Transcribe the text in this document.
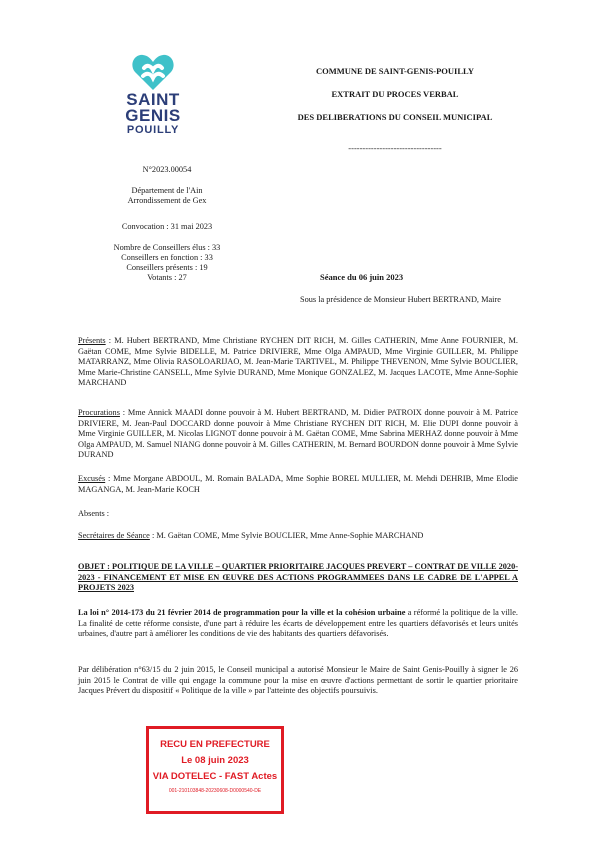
SAINT
GENIS
POUILLY
COMMUNE DE SAINT-GENIS-POUILLY
EXTRAIT DU PROCES VERBAL
DES DELIBERATIONS DU CONSEIL MUNICIPAL
---------------------------------
N°2023.00054
Département de l'Ain
Arrondissement de Gex
Convocation : 31 mai 2023
Nombre de Conseillers élus : 33
Conseillers en fonction : 33
Conseillers présents : 19
Votants : 27	Séance du 06 juin 2023
Sous la présidence de Monsieur Hubert BERTRAND, Maire
Présents : M. Hubert BERTRAND, Mme Christiane RYCHEN DIT RICH, M. Gilles CATHERIN, Mme Anne FOURNIER, M. Gaëtan COME, Mme Sylvie BIDELLE, M. Patrice DRIVIERE, Mme Olga AMPAUD, Mme Virginie GUILLER, M. Philippe MATARRANZ, Mme Olivia RASOLOARIJAO, M. Jean-Marie TARTIVEL, M. Philippe THEVENON, Mme Sylvie BOUCLIER, Mme Marie-Christine CANSELL, Mme Sylvie DURAND, Mme Monique GONZALEZ, M. Jacques LACOTE, Mme Anne-Sophie MARCHAND
Procurations : Mme Annick MAADI donne pouvoir à M. Hubert BERTRAND, M. Didier PATROIX donne pouvoir à M. Patrice DRIVIERE, M. Jean-Paul DOCCARD donne pouvoir à Mme Christiane RYCHEN DIT RICH, M. Elie DUPI donne pouvoir à Mme Virginie GUILLER, M. Nicolas LIGNOT donne pouvoir à M. Gaëtan COME, Mme Sabrina MERHAZ donne pouvoir à Mme Olga AMPAUD, M. Samuel NIANG donne pouvoir à M. Gilles CATHERIN, M. Bernard BOURDON donne pouvoir à Mme Sylvie DURAND
Excusés : Mme Morgane ABDOUL, M. Romain BALADA, Mme Sophie BOREL MULLIER, M. Mehdi DEHRIB, Mme Elodie MAGANGA, M. Jean-Marie KOCH
Absents :
Secrétaires de Séance : M. Gaëtan COME, Mme Sylvie BOUCLIER, Mme Anne-Sophie MARCHAND
OBJET : POLITIQUE DE LA VILLE – QUARTIER PRIORITAIRE JACQUES PREVERT – CONTRAT DE VILLE 2020-2023 - FINANCEMENT ET MISE EN ŒUVRE DES ACTIONS PROGRAMMEES DANS LE CADRE DE L'APPEL A PROJETS 2023
La loi n° 2014-173 du 21 février 2014 de programmation pour la ville et la cohésion urbaine a réformé la politique de la ville. La finalité de cette réforme consiste, d'une part à réduire les écarts de développement entre les quartiers défavorisés et leurs unités urbaines, d'autre part à améliorer les conditions de vie des habitants des quartiers défavorisés.
Par délibération n°63/15 du 2 juin 2015, le Conseil municipal a autorisé Monsieur le Maire de Saint Genis-Pouilly à signer le 26 juin 2015 le Contrat de ville qui engage la commune pour la mise en œuvre d'actions permettant de sortir le quartier prioritaire Jacques Prévert du dispositif « Politique de la ville » par l'atteinte des objectifs poursuivis.
RECU EN PREFECTURE
Le 08 juin 2023
VIA DOTELEC - FAST Actes
001-210103848-20230608-D0000540-DE
